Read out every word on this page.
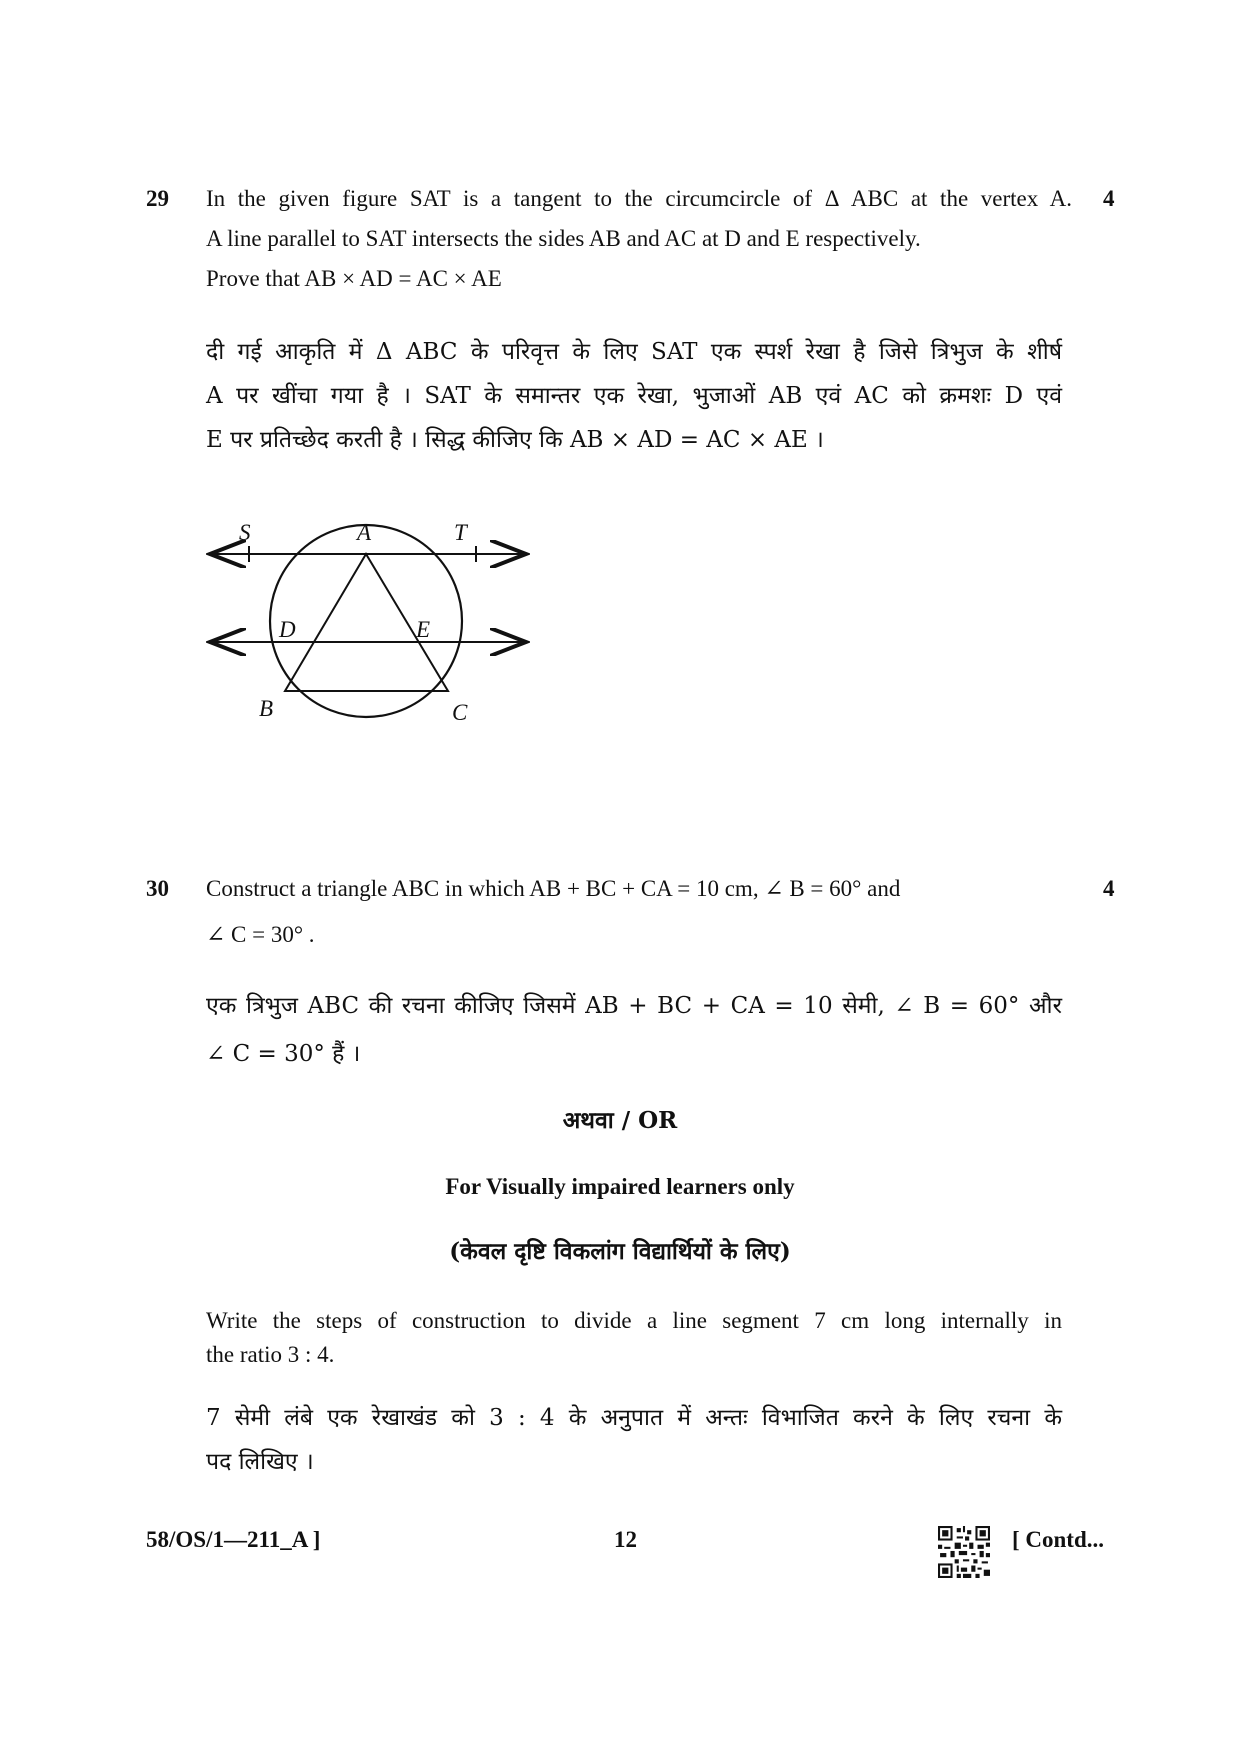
29	4
In the given figure SAT is a tangent to the circumcircle of Δ ABC at the vertex A.
A line parallel to SAT intersects the sides AB and AC at D and E respectively.
Prove that AB × AD = AC × AE
दी गई आकृति में Δ ABC के परिवृत्त के लिए SAT एक स्पर्श रेखा है जिसे त्रिभुज के शीर्ष
A पर खींचा गया है । SAT के समान्तर एक रेखा, भुजाओं AB एवं AC को क्रमशः D एवं
E पर प्रतिच्छेद करती है । सिद्ध कीजिए कि AB × AD = AC × AE ।
S	A	T
D	E
B	C
30	4
Construct a triangle ABC in which AB + BC + CA = 10 cm, ∠ B = 60° and
∠ C = 30° .
एक त्रिभुज ABC की रचना कीजिए जिसमें AB + BC + CA = 10 सेमी, ∠ B = 60° और
∠ C = 30° हैं ।
अथवा / OR
For Visually impaired learners only
(केवल दृष्टि विकलांग विद्यार्थियों के लिए)
Write the steps of construction to divide a line segment 7 cm long internally in
the ratio 3 : 4.
7 सेमी लंबे एक रेखाखंड को 3 : 4 के अनुपात में अन्तः विभाजित करने के लिए रचना के
पद लिखिए ।
58/OS/1—211_A ]	12	[ Contd...
